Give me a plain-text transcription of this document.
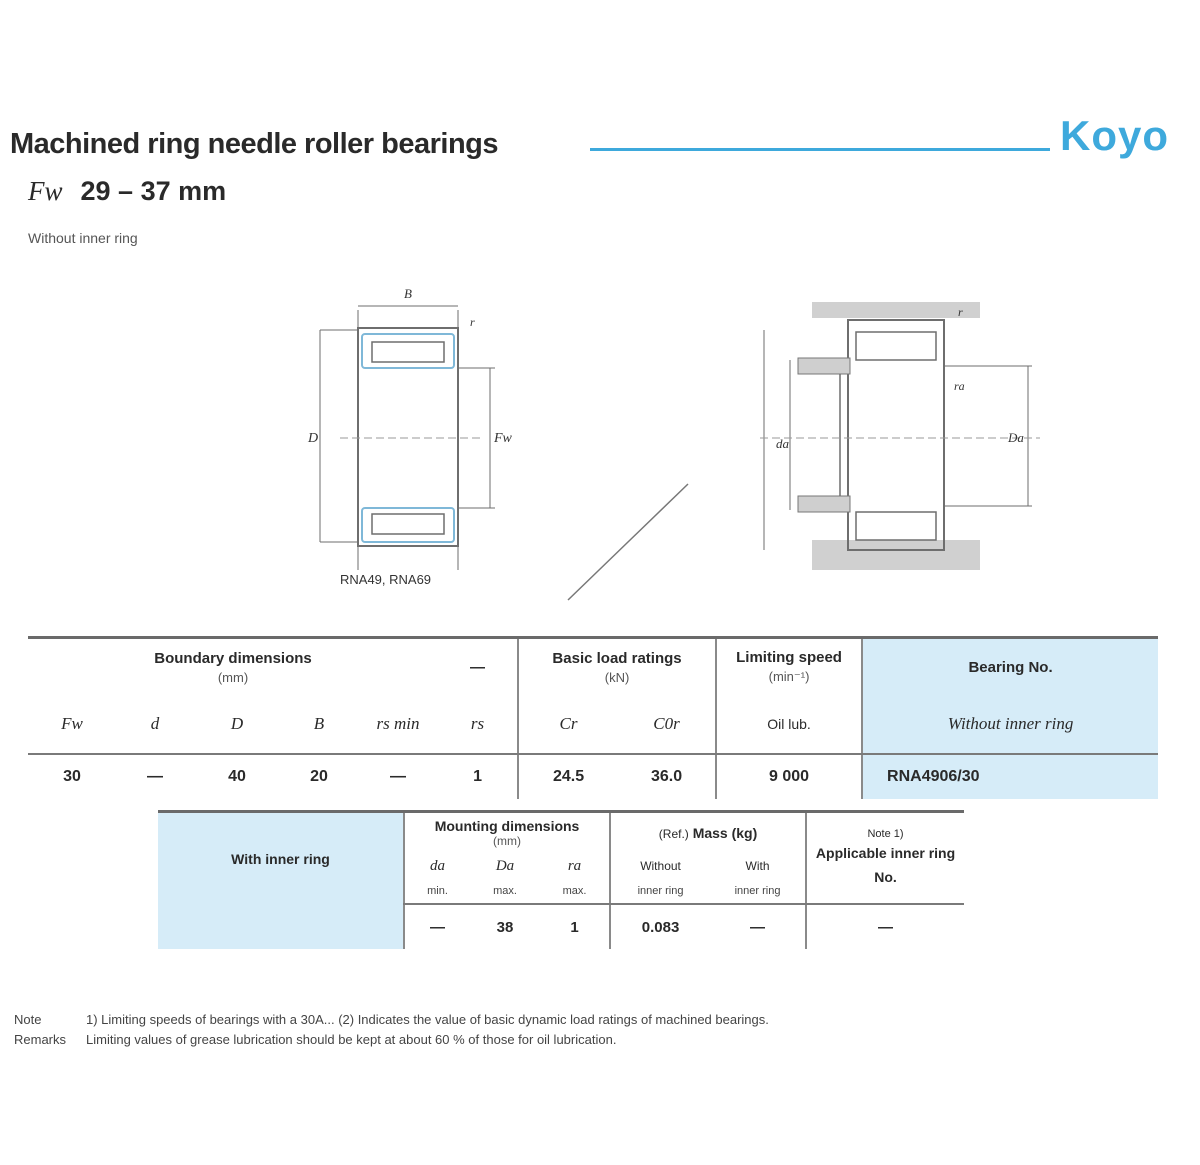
Machined ring needle roller bearings	Koyo
Fw 29 – 37 mm
Without inner ring
B
r
D	Fw
RNA49, RNA69
da	Da
ra
r
Boundary dimensions
(mm)					—	Basic load ratings
(kN)		Limiting speed
(min⁻¹)	Bearing No.
Fw	d	D	B	rs min	rs	Cr	C0r	Oil lub.	Without inner ring
30	—	40	20	—	1	24.5	36.0	9 000	RNA4906/30
With inner ring	Mounting dimensions
(mm)			(Ref.) Mass (kg)		Note 1)
Applicable inner ring No.
	da	Da	ra	Without	With	
	min.	max.	max.	inner ring	inner ring	
	—	38	1	0.083	—	—
Note	1) Limiting speeds of bearings with a 30A... (2) Indicates the value of basic dynamic load ratings of machined bearings.
Remarks Limiting values of grease lubrication should be kept at about 60 % of those for oil lubrication.
